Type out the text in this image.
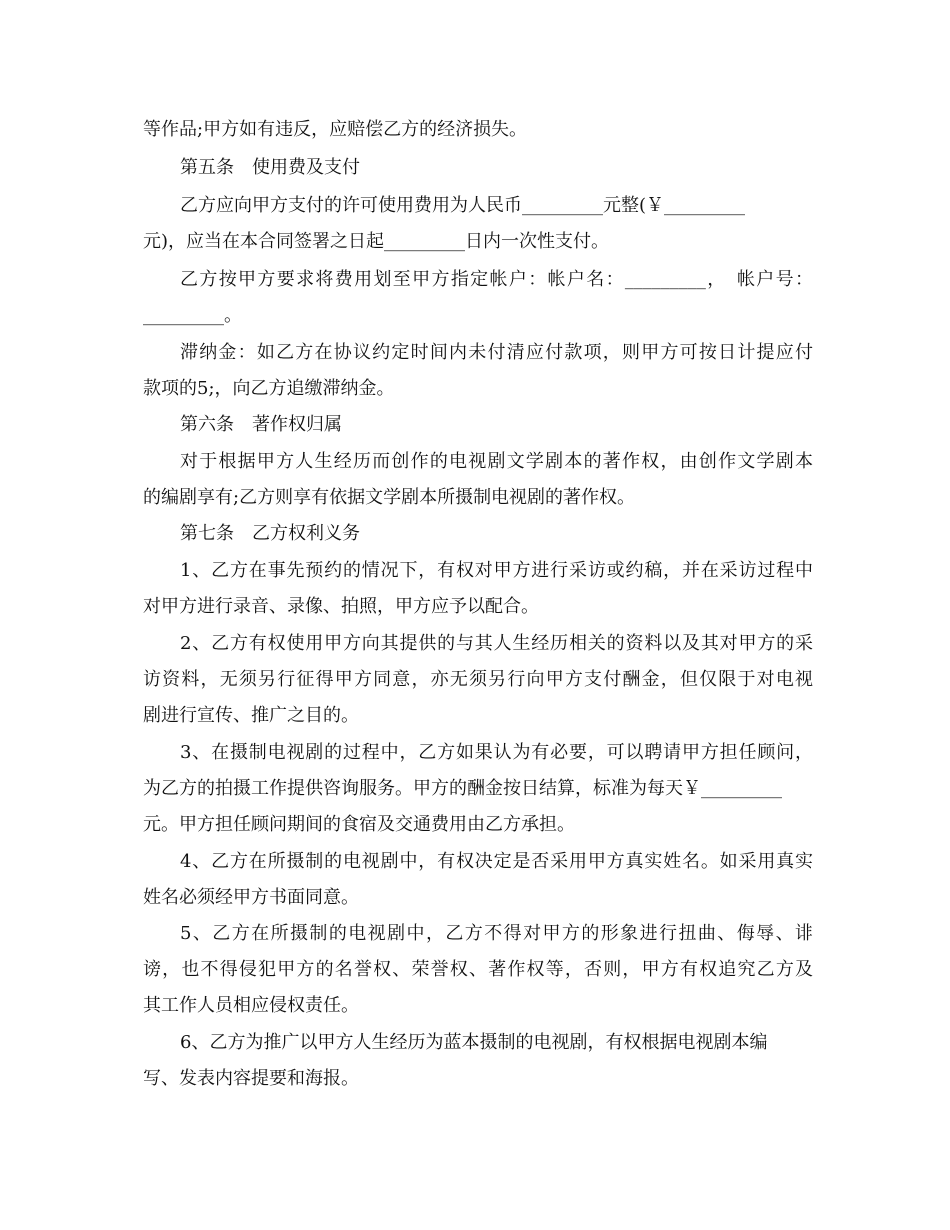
等作品;甲方如有违反，应赔偿乙方的经济损失。
第五条　使用费及支付
乙方应向甲方支付的许可使用费用为人民币_________元整(￥_________
元)，应当在本合同签署之日起_________日内一次性支付。
乙方按甲方要求将费用划至甲方指定帐户：帐户名：_________，　帐户号：
_________。
滞纳金：如乙方在协议约定时间内未付清应付款项，则甲方可按日计提应付
款项的5;，向乙方追缴滞纳金。
第六条　著作权归属
对于根据甲方人生经历而创作的电视剧文学剧本的著作权，由创作文学剧本
的编剧享有;乙方则享有依据文学剧本所摄制电视剧的著作权。
第七条　乙方权利义务
1、乙方在事先预约的情况下，有权对甲方进行采访或约稿，并在采访过程中
对甲方进行录音、录像、拍照，甲方应予以配合。
2、乙方有权使用甲方向其提供的与其人生经历相关的资料以及其对甲方的采
访资料，无须另行征得甲方同意，亦无须另行向甲方支付酬金，但仅限于对电视
剧进行宣传、推广之目的。
3、在摄制电视剧的过程中，乙方如果认为有必要，可以聘请甲方担任顾问，
为乙方的拍摄工作提供咨询服务。甲方的酬金按日结算，标准为每天￥_________
元。甲方担任顾问期间的食宿及交通费用由乙方承担。
4、乙方在所摄制的电视剧中，有权决定是否采用甲方真实姓名。如采用真实
姓名必须经甲方书面同意。
5、乙方在所摄制的电视剧中，乙方不得对甲方的形象进行扭曲、侮辱、诽
谤，也不得侵犯甲方的名誉权、荣誉权、著作权等，否则，甲方有权追究乙方及
其工作人员相应侵权责任。
6、乙方为推广以甲方人生经历为蓝本摄制的电视剧，有权根据电视剧本编
写、发表内容提要和海报。
